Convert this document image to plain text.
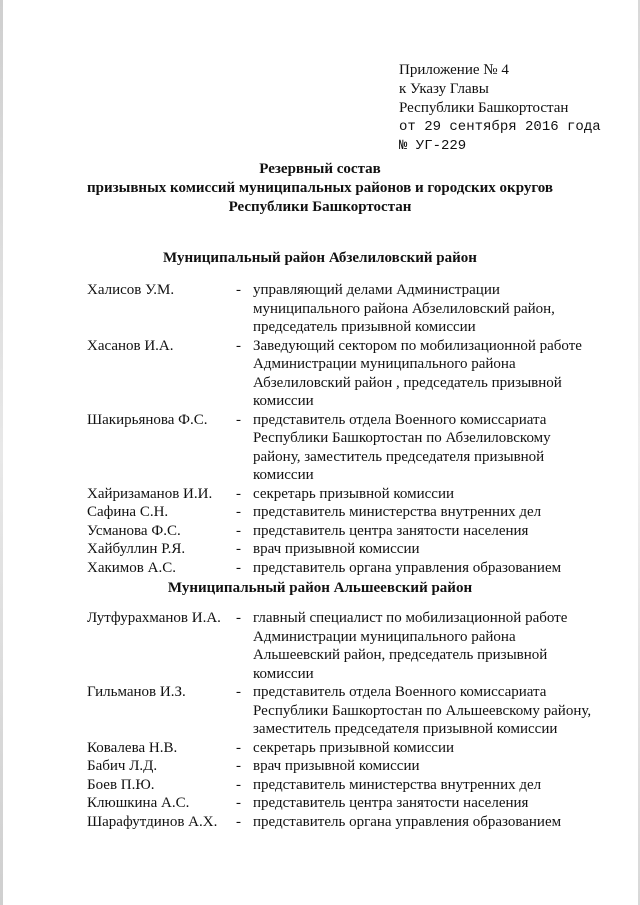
Приложение № 4
к Указу Главы
Республики Башкортостан
от 29 сентября 2016 года
№ УГ-229
Резервный состав
призывных комиссий муниципальных районов и городских округов
Республики Башкортостан
Муниципальный район Абзелиловский район
Халисов У.М.	- управляющий делами Администрации
муниципального района Абзелиловский район,
председатель призывной комиссии
Хасанов И.А.	- Заведующий сектором по мобилизационной работе
Администрации муниципального района
Абзелиловский район , председатель призывной
комиссии
Шакирьянова Ф.С. - представитель отдела Военного комиссариата
Республики Башкортостан по Абзелиловскому
району, заместитель председателя призывной
комиссии
Хайризаманов И.И. - секретарь призывной комиссии
Сафина С.Н.	- представитель министерства внутренних дел
Усманова Ф.С.	- представитель центра занятости населения
Хайбуллин Р.Я.	- врач призывной комиссии
Хакимов А.С.	- представитель органа управления образованием
Муниципальный район Альшеевский район
Лутфурахманов И.А. - главный специалист по мобилизационной работе
Администрации муниципального района
Альшеевский район, председатель призывной
комиссии
Гильманов И.З.	- представитель отдела Военного комиссариата
Республики Башкортостан по Альшеевскому району,
заместитель председателя призывной комиссии
Ковалева Н.В.	- секретарь призывной комиссии
Бабич Л.Д.	- врач призывной комиссии
Боев П.Ю.	- представитель министерства внутренних дел
Клюшкина А.С.	- представитель центра занятости населения
Шарафутдинов А.Х. - представитель органа управления образованием
